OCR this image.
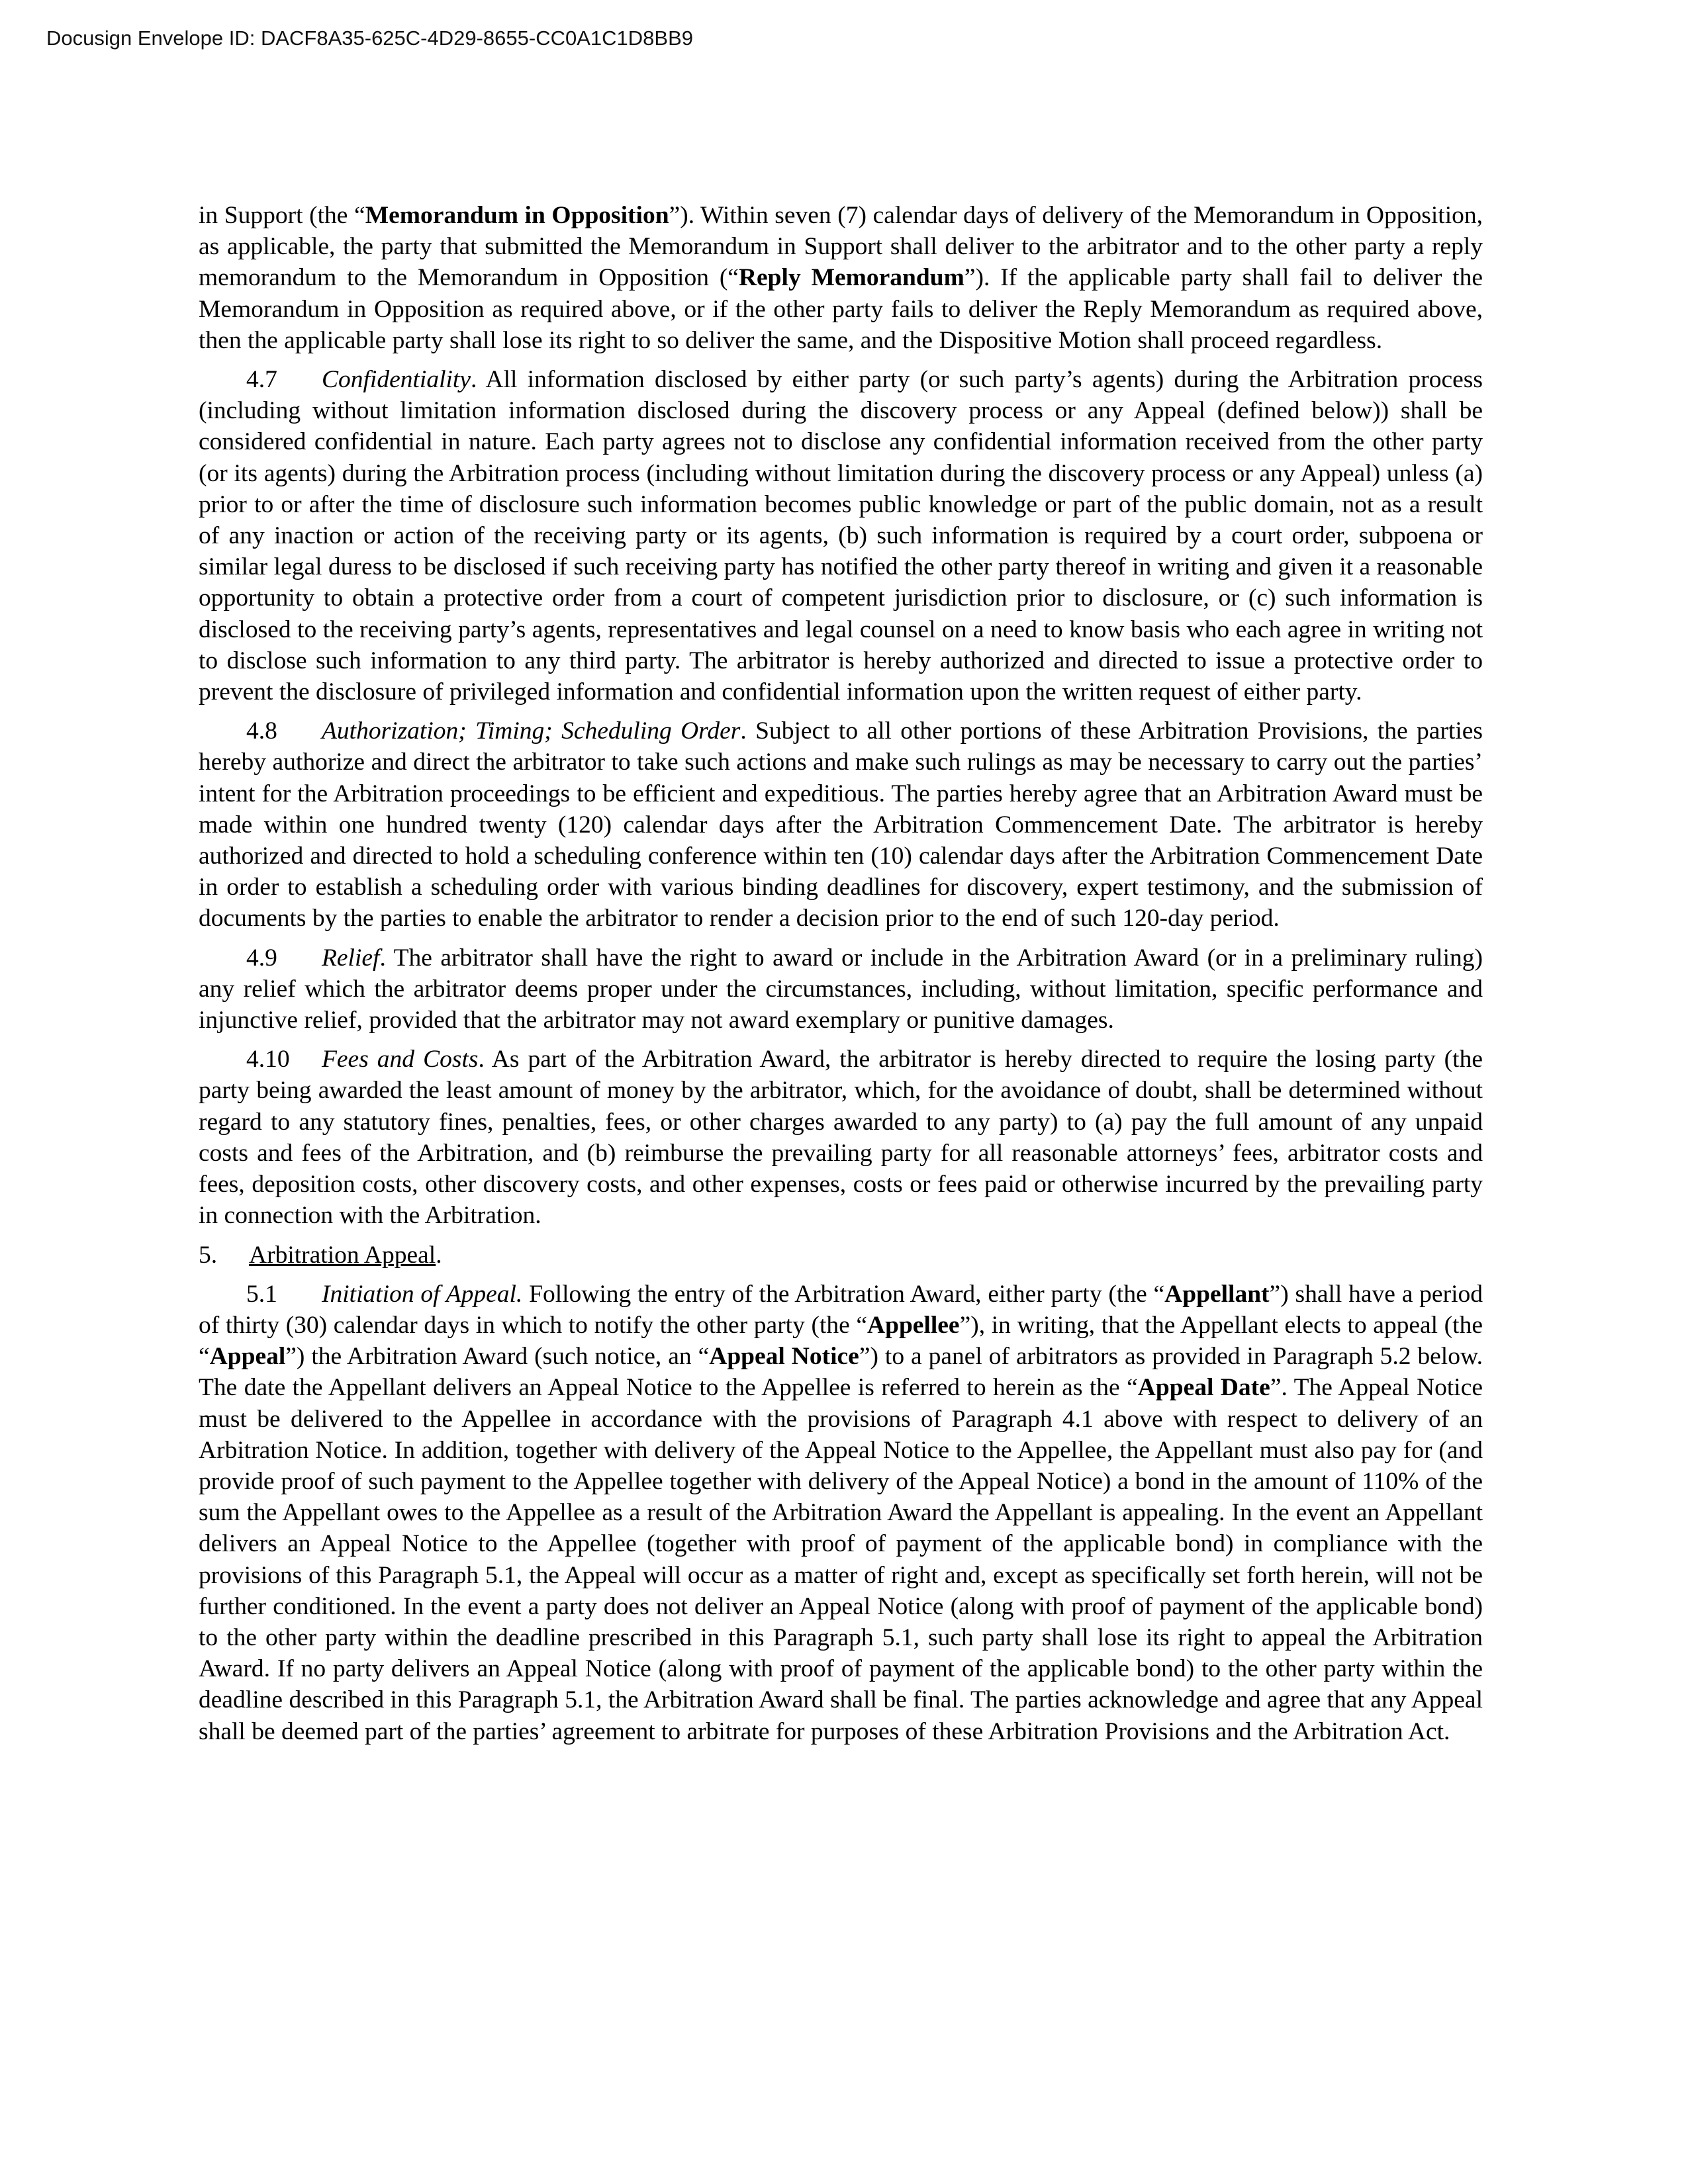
Docusign Envelope ID: DACF8A35-625C-4D29-8655-CC0A1C1D8BB9

in Support (the “Memorandum in Opposition”). Within seven (7) calendar days of delivery of the Memorandum in Opposition, as applicable, the party that submitted the Memorandum in Support shall deliver to the arbitrator and to the other party a reply memorandum to the Memorandum in Opposition (“Reply Memorandum”). If the applicable party shall fail to deliver the Memorandum in Opposition as required above, or if the other party fails to deliver the Reply Memorandum as required above, then the applicable party shall lose its right to so deliver the same, and the Dispositive Motion shall proceed regardless.

4.7 Confidentiality. All information disclosed by either party (or such party’s agents) during the Arbitration process (including without limitation information disclosed during the discovery process or any Appeal (defined below)) shall be considered confidential in nature. Each party agrees not to disclose any confidential information received from the other party (or its agents) during the Arbitration process (including without limitation during the discovery process or any Appeal) unless (a) prior to or after the time of disclosure such information becomes public knowledge or part of the public domain, not as a result of any inaction or action of the receiving party or its agents, (b) such information is required by a court order, subpoena or similar legal duress to be disclosed if such receiving party has notified the other party thereof in writing and given it a reasonable opportunity to obtain a protective order from a court of competent jurisdiction prior to disclosure, or (c) such information is disclosed to the receiving party’s agents, representatives and legal counsel on a need to know basis who each agree in writing not to disclose such information to any third party. The arbitrator is hereby authorized and directed to issue a protective order to prevent the disclosure of privileged information and confidential information upon the written request of either party.

4.8 Authorization; Timing; Scheduling Order. Subject to all other portions of these Arbitration Provisions, the parties hereby authorize and direct the arbitrator to take such actions and make such rulings as may be necessary to carry out the parties’ intent for the Arbitration proceedings to be efficient and expeditious. The parties hereby agree that an Arbitration Award must be made within one hundred twenty (120) calendar days after the Arbitration Commencement Date. The arbitrator is hereby authorized and directed to hold a scheduling conference within ten (10) calendar days after the Arbitration Commencement Date in order to establish a scheduling order with various binding deadlines for discovery, expert testimony, and the submission of documents by the parties to enable the arbitrator to render a decision prior to the end of such 120-day period.

4.9 Relief. The arbitrator shall have the right to award or include in the Arbitration Award (or in a preliminary ruling) any relief which the arbitrator deems proper under the circumstances, including, without limitation, specific performance and injunctive relief, provided that the arbitrator may not award exemplary or punitive damages.

4.10 Fees and Costs. As part of the Arbitration Award, the arbitrator is hereby directed to require the losing party (the party being awarded the least amount of money by the arbitrator, which, for the avoidance of doubt, shall be determined without regard to any statutory fines, penalties, fees, or other charges awarded to any party) to (a) pay the full amount of any unpaid costs and fees of the Arbitration, and (b) reimburse the prevailing party for all reasonable attorneys’ fees, arbitrator costs and fees, deposition costs, other discovery costs, and other expenses, costs or fees paid or otherwise incurred by the prevailing party in connection with the Arbitration.

5. Arbitration Appeal.

5.1 Initiation of Appeal. Following the entry of the Arbitration Award, either party (the “Appellant”) shall have a period of thirty (30) calendar days in which to notify the other party (the “Appellee”), in writing, that the Appellant elects to appeal (the “Appeal”) the Arbitration Award (such notice, an “Appeal Notice”) to a panel of arbitrators as provided in Paragraph 5.2 below. The date the Appellant delivers an Appeal Notice to the Appellee is referred to herein as the “Appeal Date”. The Appeal Notice must be delivered to the Appellee in accordance with the provisions of Paragraph 4.1 above with respect to delivery of an Arbitration Notice. In addition, together with delivery of the Appeal Notice to the Appellee, the Appellant must also pay for (and provide proof of such payment to the Appellee together with delivery of the Appeal Notice) a bond in the amount of 110% of the sum the Appellant owes to the Appellee as a result of the Arbitration Award the Appellant is appealing. In the event an Appellant delivers an Appeal Notice to the Appellee (together with proof of payment of the applicable bond) in compliance with the provisions of this Paragraph 5.1, the Appeal will occur as a matter of right and, except as specifically set forth herein, will not be further conditioned. In the event a party does not deliver an Appeal Notice (along with proof of payment of the applicable bond) to the other party within the deadline prescribed in this Paragraph 5.1, such party shall lose its right to appeal the Arbitration Award. If no party delivers an Appeal Notice (along with proof of payment of the applicable bond) to the other party within the deadline described in this Paragraph 5.1, the Arbitration Award shall be final. The parties acknowledge and agree that any Appeal shall be deemed part of the parties’ agreement to arbitrate for purposes of these Arbitration Provisions and the Arbitration Act.
